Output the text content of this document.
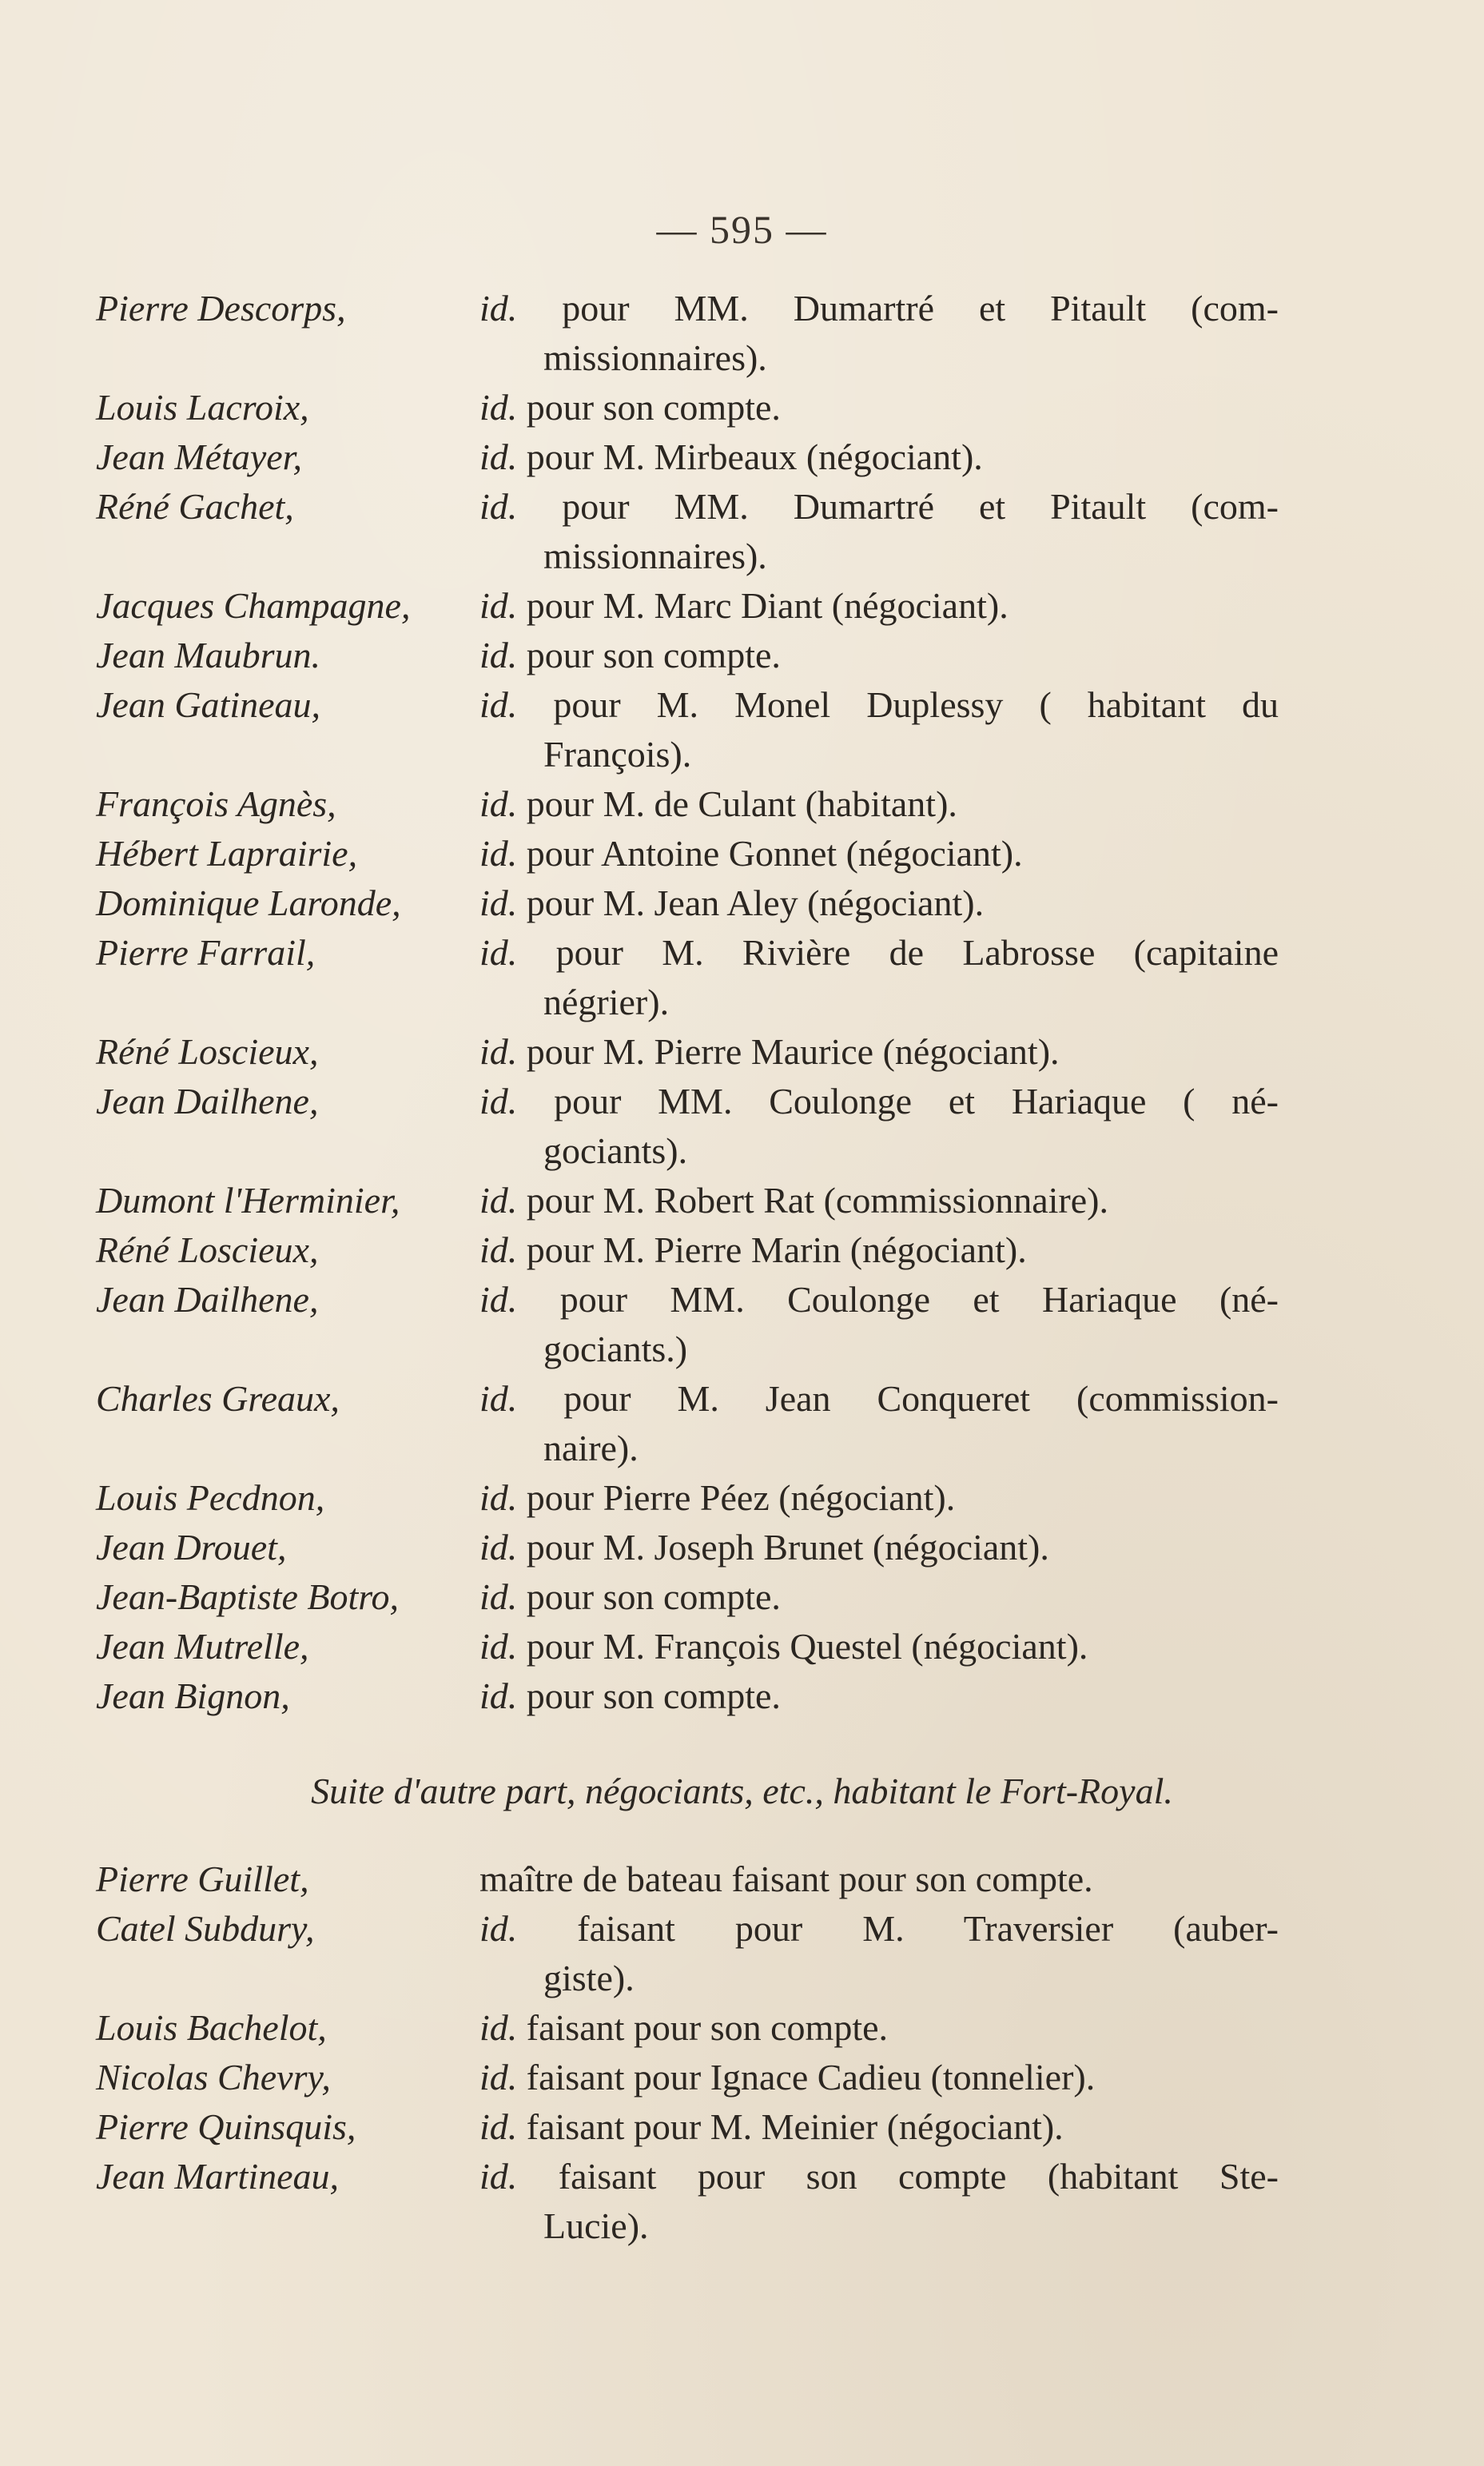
— 595 —
Pierre Descorps,	id. pour MM. Dumartré et Pitault (com-
missionnaires).
Louis Lacroix,	id. pour son compte.
Jean Métayer,	id. pour M. Mirbeaux (négociant).
Réné Gachet,	id. pour MM. Dumartré et Pitault (com-
missionnaires).
Jacques Champagne, id. pour M. Marc Diant (négociant).
Jean Maubrun.	id. pour son compte.
Jean Gatineau,	id. pour M. Monel Duplessy ( habitant du
François).
François Agnès,	id. pour M. de Culant (habitant).
Hébert Laprairie,	id. pour Antoine Gonnet (négociant).
Dominique Laronde, id. pour M. Jean Aley (négociant).
Pierre Farrail,	id. pour M. Rivière de Labrosse (capitaine
négrier).
Réné Loscieux,	id. pour M. Pierre Maurice (négociant).
Jean Dailhene,	id. pour MM. Coulonge et Hariaque ( né-
gociants).
Dumont l'Herminier, id. pour M. Robert Rat (commissionnaire).
Réné Loscieux,	id. pour M. Pierre Marin (négociant).
Jean Dailhene,	id. pour MM. Coulonge et Hariaque (né-
gociants.)
Charles Greaux,	id. pour M. Jean Conqueret (commission-
naire).
Louis Pecdnon,	id. pour Pierre Péez (négociant).
Jean Drouet,	id. pour M. Joseph Brunet (négociant).
Jean-Baptiste Botro, id. pour son compte.
Jean Mutrelle,	id. pour M. François Questel (négociant).
Jean Bignon,	id. pour son compte.
Suite d'autre part, négociants, etc., habitant le Fort-Royal.
Pierre Guillet,	maître de bateau faisant pour son compte.
Catel Subdury,	id. faisant pour M. Traversier (auber-
giste).
Louis Bachelot,	id. faisant pour son compte.
Nicolas Chevry,	id. faisant pour Ignace Cadieu (tonnelier).
Pierre Quinsquis,	id. faisant pour M. Meinier (négociant).
Jean Martineau,	id. faisant pour son compte (habitant Ste-
Lucie).
